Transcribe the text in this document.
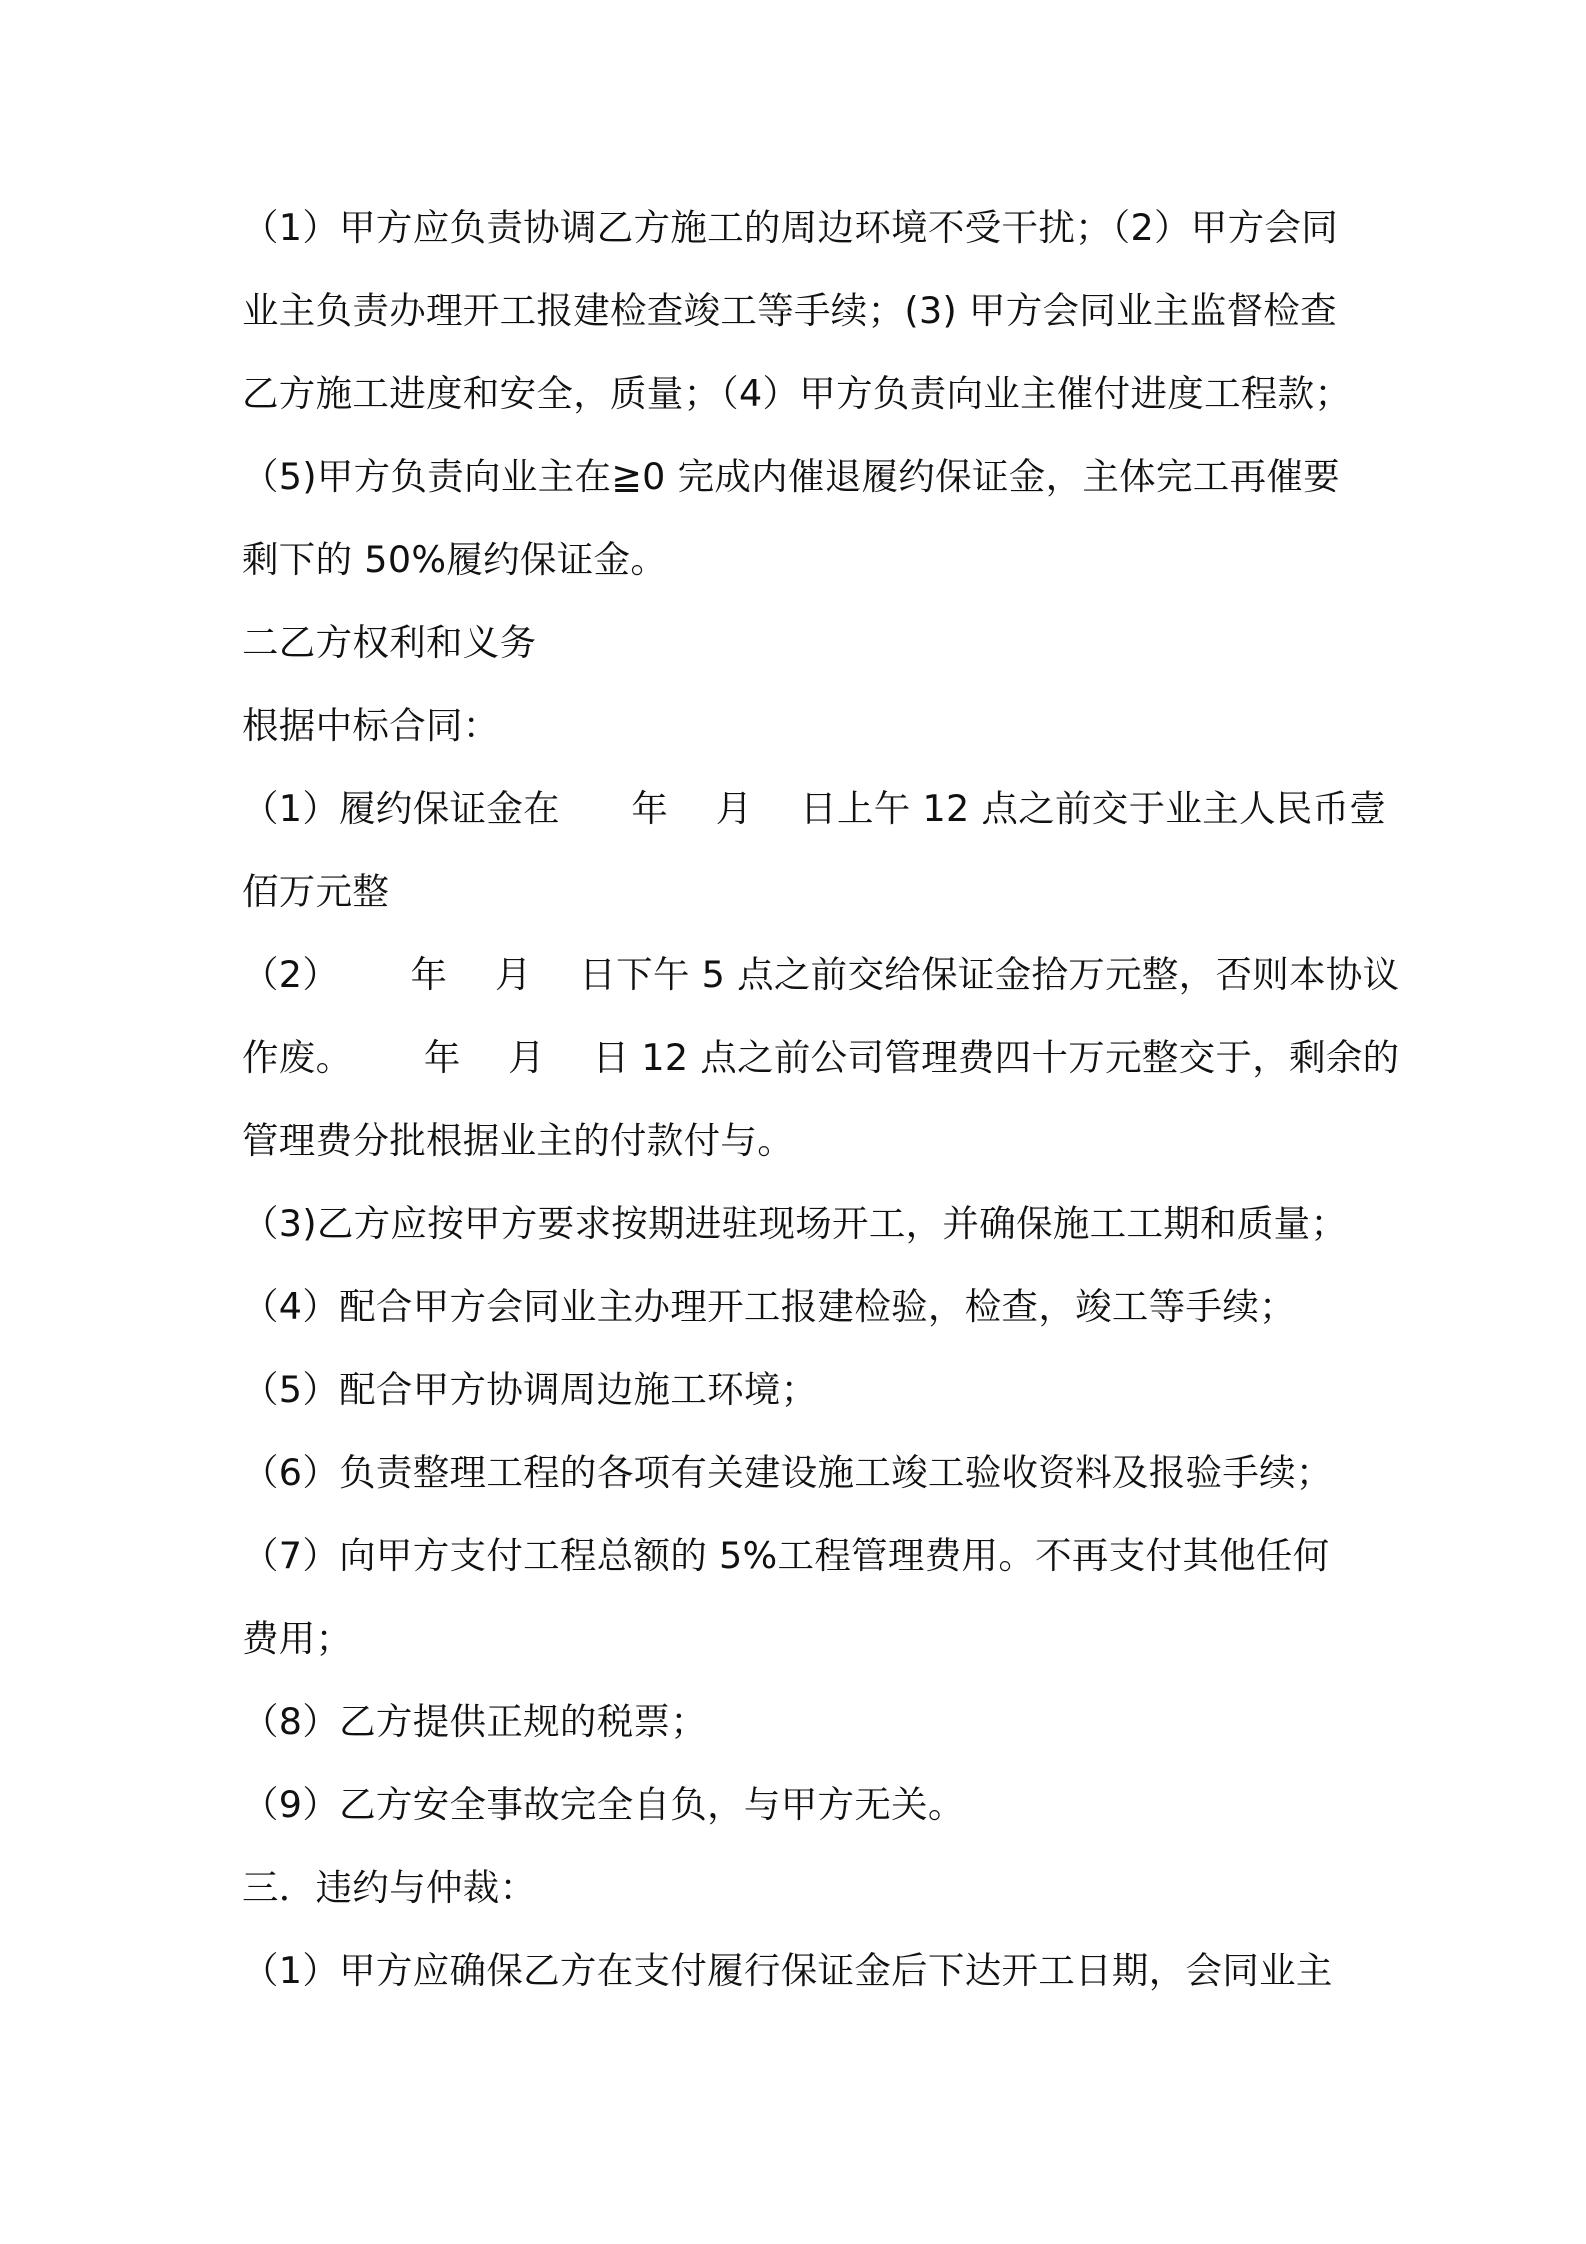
（1）甲方应负责协调乙方施工的周边环境不受干扰；（2）甲方会同
业主负责办理开工报建检查竣工等手续；(3) 甲方会同业主监督检查
乙方施工进度和安全，质量；（4）甲方负责向业主催付进度工程款；
（5)甲方负责向业主在≧0 完成内催退履约保证金，主体完工再催要
剩下的 50%履约保证金。
二乙方权利和义务
根据中标合同：
（1）履约保证金在      年    月    日上午 12 点之前交于业主人民币壹
佰万元整
（2）      年    月    日下午 5 点之前交给保证金拾万元整，否则本协议
作废。      年    月    日 12 点之前公司管理费四十万元整交于，剩余的
管理费分批根据业主的付款付与。
（3)乙方应按甲方要求按期进驻现场开工，并确保施工工期和质量；
（4）配合甲方会同业主办理开工报建检验，检查，竣工等手续；
（5）配合甲方协调周边施工环境；
（6）负责整理工程的各项有关建设施工竣工验收资料及报验手续；
（7）向甲方支付工程总额的 5%工程管理费用。不再支付其他任何
费用；
（8）乙方提供正规的税票；
（9）乙方安全事故完全自负，与甲方无关。
三．违约与仲裁：
（1）甲方应确保乙方在支付履行保证金后下达开工日期，会同业主
